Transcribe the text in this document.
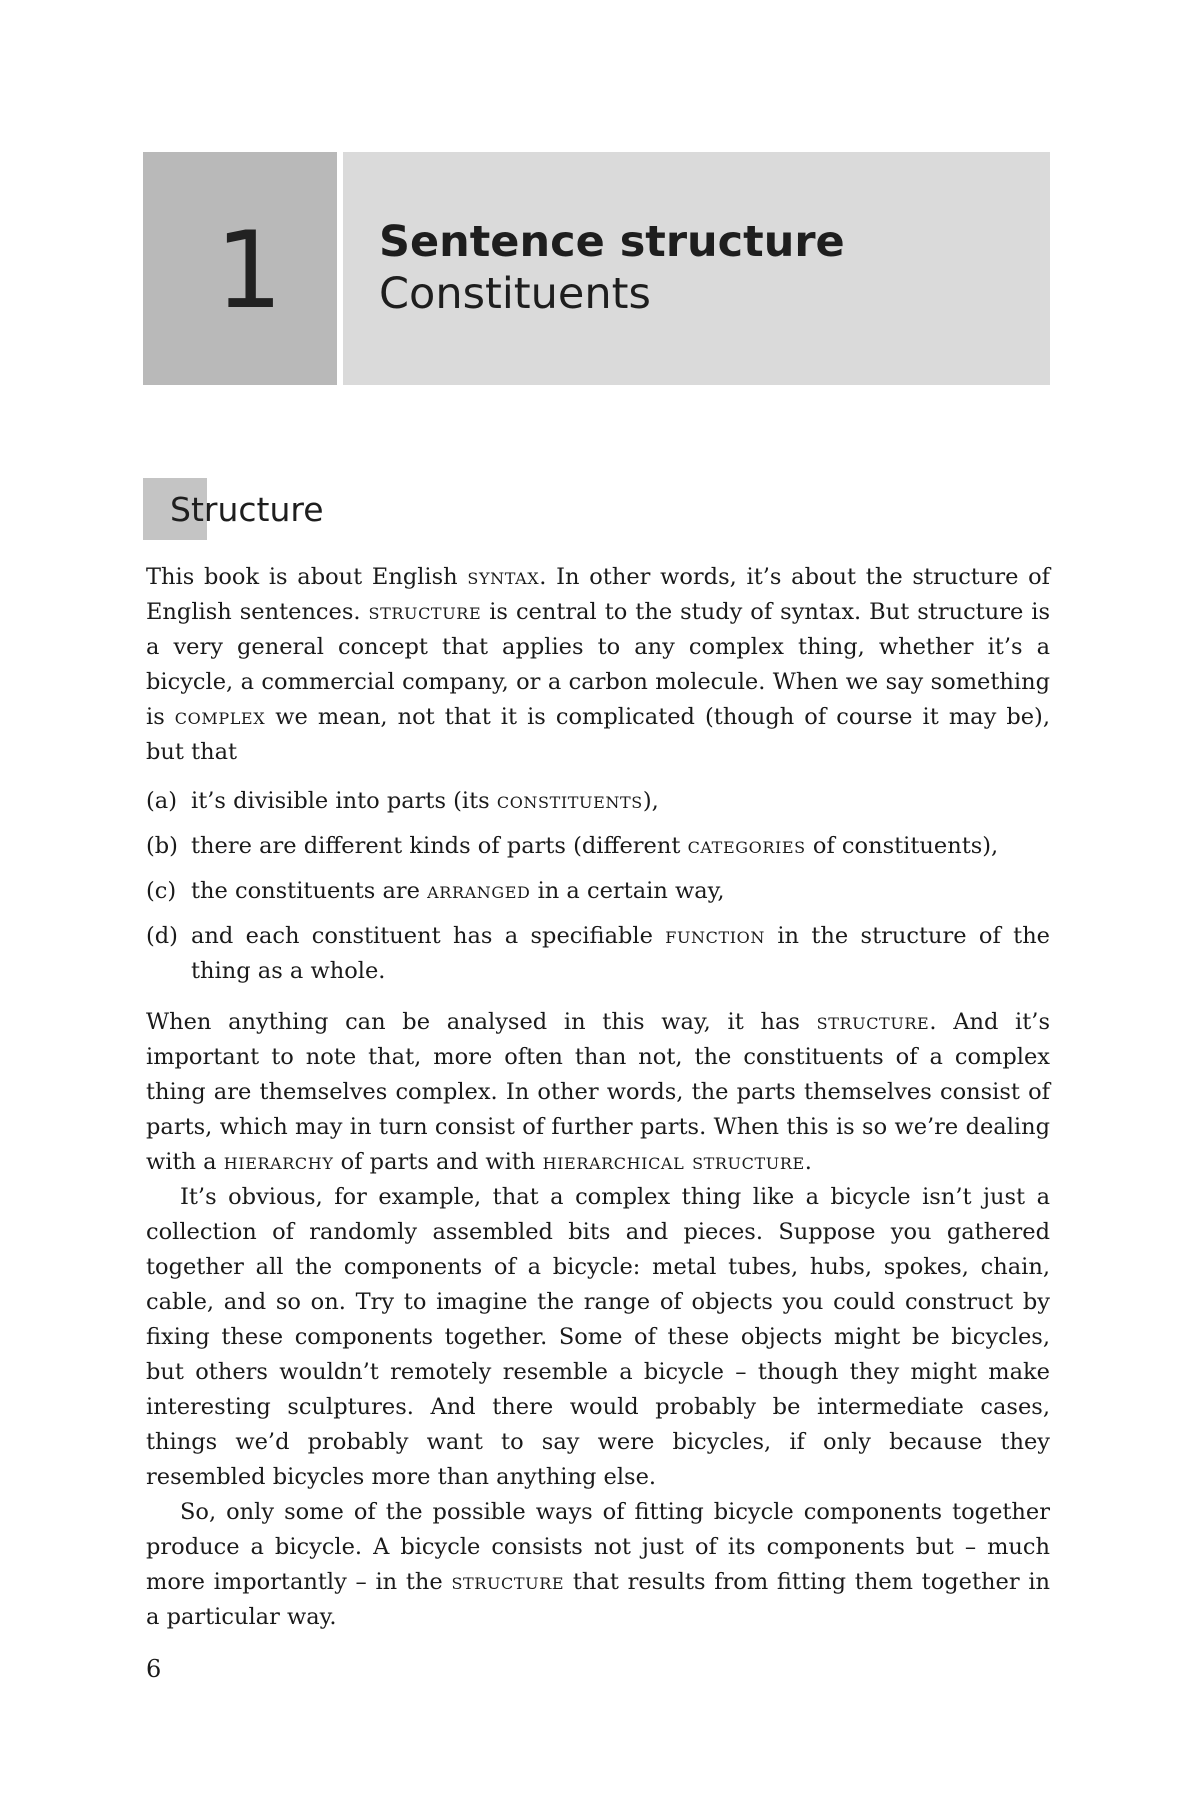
1 Sentence structure

Constituents

Structure

This book is about English syntax. In other words, it’s about the structure of English sentences. structure is central to the study of syntax. But structure is a very general concept that applies to any complex thing, whether it’s a bicycle, a commercial company, or a carbon molecule. When we say something is complex we mean, not that it is complicated (though of course it may be), but that

(a) it’s divisible into parts (its constituents),
(b) there are different kinds of parts (different categories of constituents),
(c) the constituents are arranged in a certain way,
(d) and each constituent has a specifiable function in the structure of the thing as a whole.

When anything can be analysed in this way, it has structure. And it’s important to note that, more often than not, the constituents of a complex thing are themselves complex. In other words, the parts themselves consist of parts, which may in turn consist of further parts. When this is so we’re dealing with a hierarchy of parts and with hierarchical structure.

It’s obvious, for example, that a complex thing like a bicycle isn’t just a collection of randomly assembled bits and pieces. Suppose you gathered together all the components of a bicycle: metal tubes, hubs, spokes, chain, cable, and so on. Try to imagine the range of objects you could construct by fixing these components together. Some of these objects might be bicycles, but others wouldn’t remotely resemble a bicycle – though they might make interesting sculptures. And there would probably be intermediate cases, things we’d probably want to say were bicycles, if only because they resembled bicycles more than anything else.

So, only some of the possible ways of fitting bicycle components together produce a bicycle. A bicycle consists not just of its components but – much more importantly – in the structure that results from fitting them together in a particular way.

6
